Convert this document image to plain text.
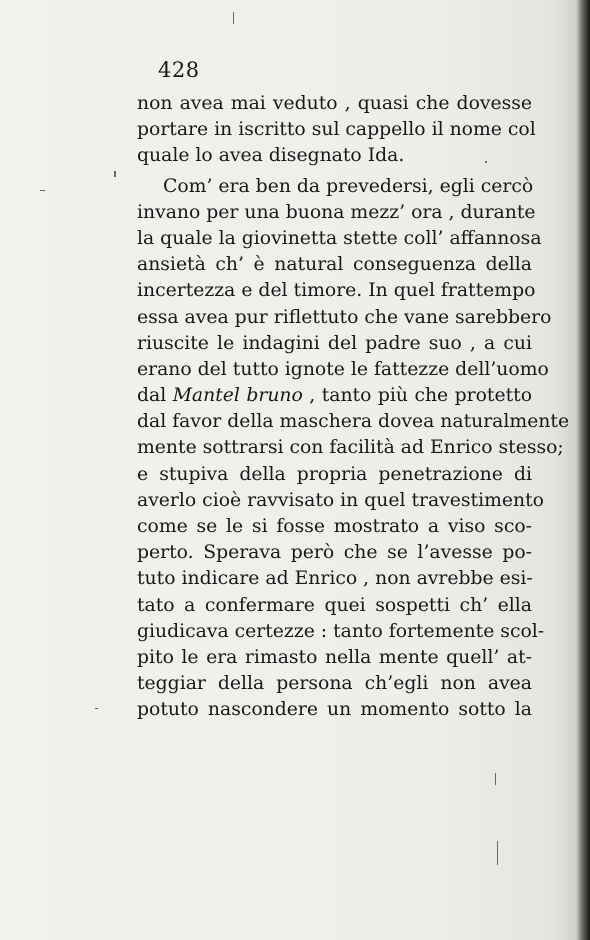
428
non avea mai veduto , quasi che dovesse
portare in iscritto sul cappello il nome col
quale lo avea disegnato Ida.
Com’ era ben da prevedersi, egli cercò
invano per una buona mezz’ ora , durante
la quale la giovinetta stette coll’ affannosa
ansietà ch’ è natural conseguenza della
incertezza e del timore. In quel frattempo
essa avea pur riflettuto che vane sarebbero
riuscite le indagini del padre suo , a cui
erano del tutto ignote le fattezze dell’uomo
dal Mantel bruno , tanto più che protetto
dal favor della maschera dovea naturalmente
mente sottrarsi con facilità ad Enrico stesso;
e stupiva della propria penetrazione di
averlo cioè ravvisato in quel travestimento
come se le si fosse mostrato a viso sco-
perto. Sperava però che se l’avesse po-
tuto indicare ad Enrico , non avrebbe esi-
tato a confermare quei sospetti ch’ ella
giudicava certezze : tanto fortemente scol-
pito le era rimasto nella mente quell’ at-
teggiar della persona ch’egli non avea
potuto nascondere un momento sotto la
